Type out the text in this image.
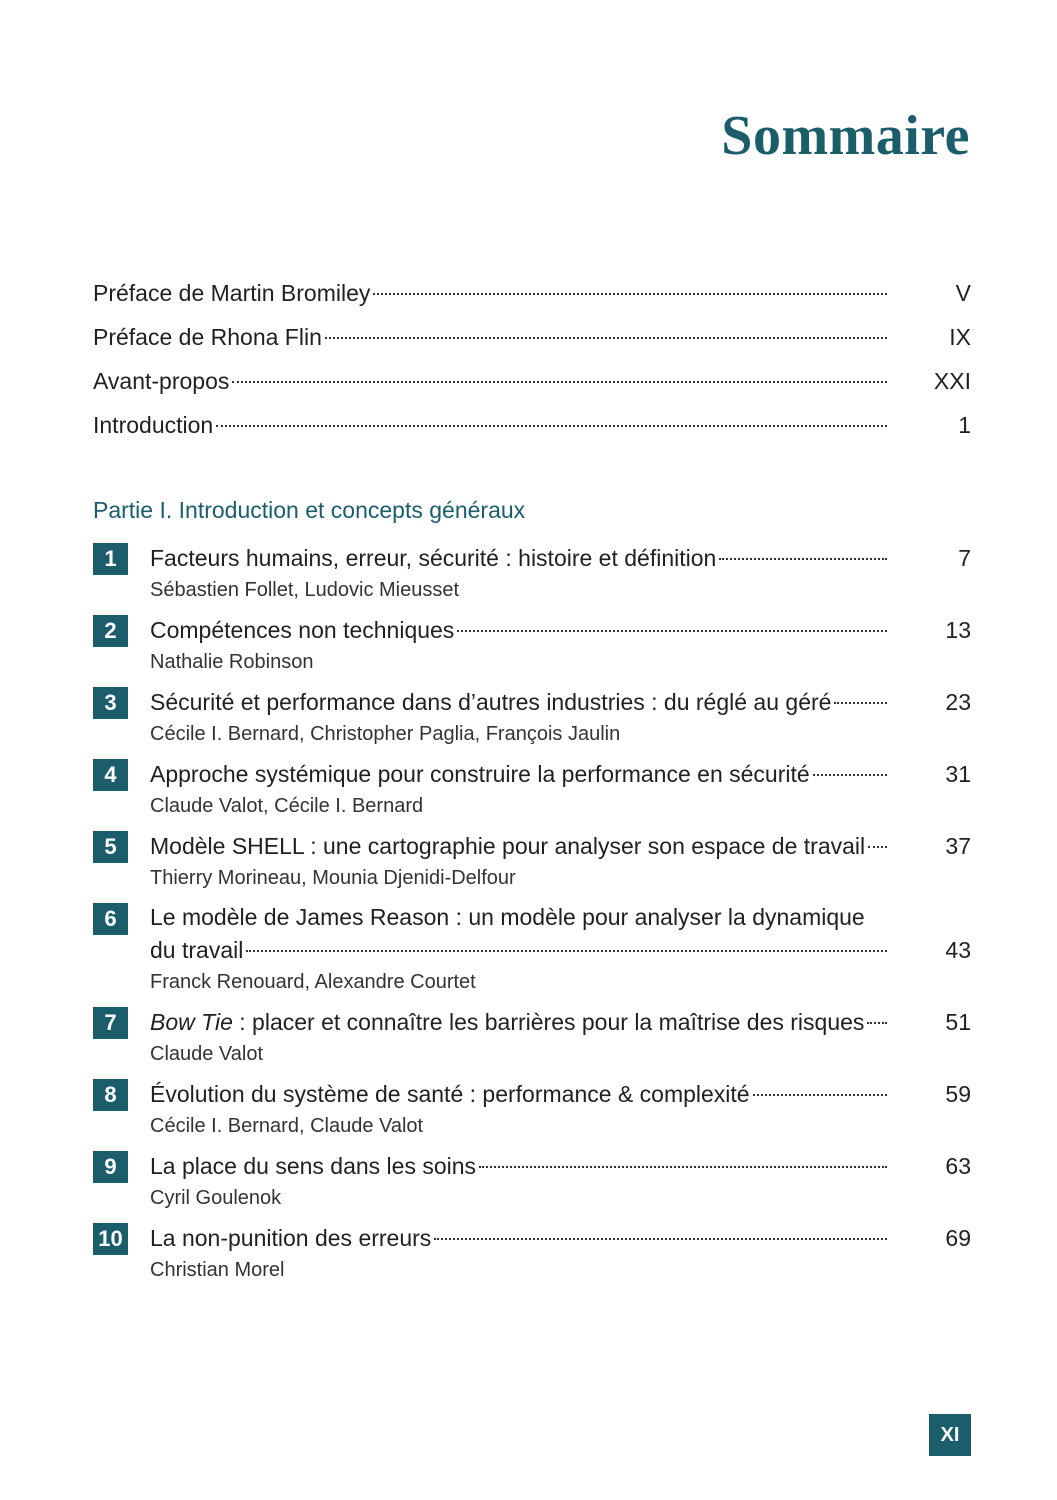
Sommaire
Préface de Martin Bromiley	V
Préface de Rhona Flin	IX
Avant-propos	XXI
Introduction	1
Partie I. Introduction et concepts généraux
1	Facteurs humains, erreur, sécurité : histoire et définition	7
Sébastien Follet, Ludovic Mieusset
2	Compétences non techniques	13
Nathalie Robinson
3	Sécurité et performance dans d’autres industries : du réglé au géré	23
Cécile I. Bernard, Christopher Paglia, François Jaulin
4	Approche systémique pour construire la performance en sécurité	31
Claude Valot, Cécile I. Bernard
5	Modèle SHELL : une cartographie pour analyser son espace de travail	37
Thierry Morineau, Mounia Djenidi-Delfour
6	Le modèle de James Reason : un modèle pour analyser la dynamique
du travail	43
Franck Renouard, Alexandre Courtet
7	Bow Tie : placer et connaître les barrières pour la maîtrise des risques	51
Claude Valot
8	Évolution du système de santé : performance & complexité	59
Cécile I. Bernard, Claude Valot
9	La place du sens dans les soins	63
Cyril Goulenok
10 La non-punition des erreurs	69
Christian Morel
XI
